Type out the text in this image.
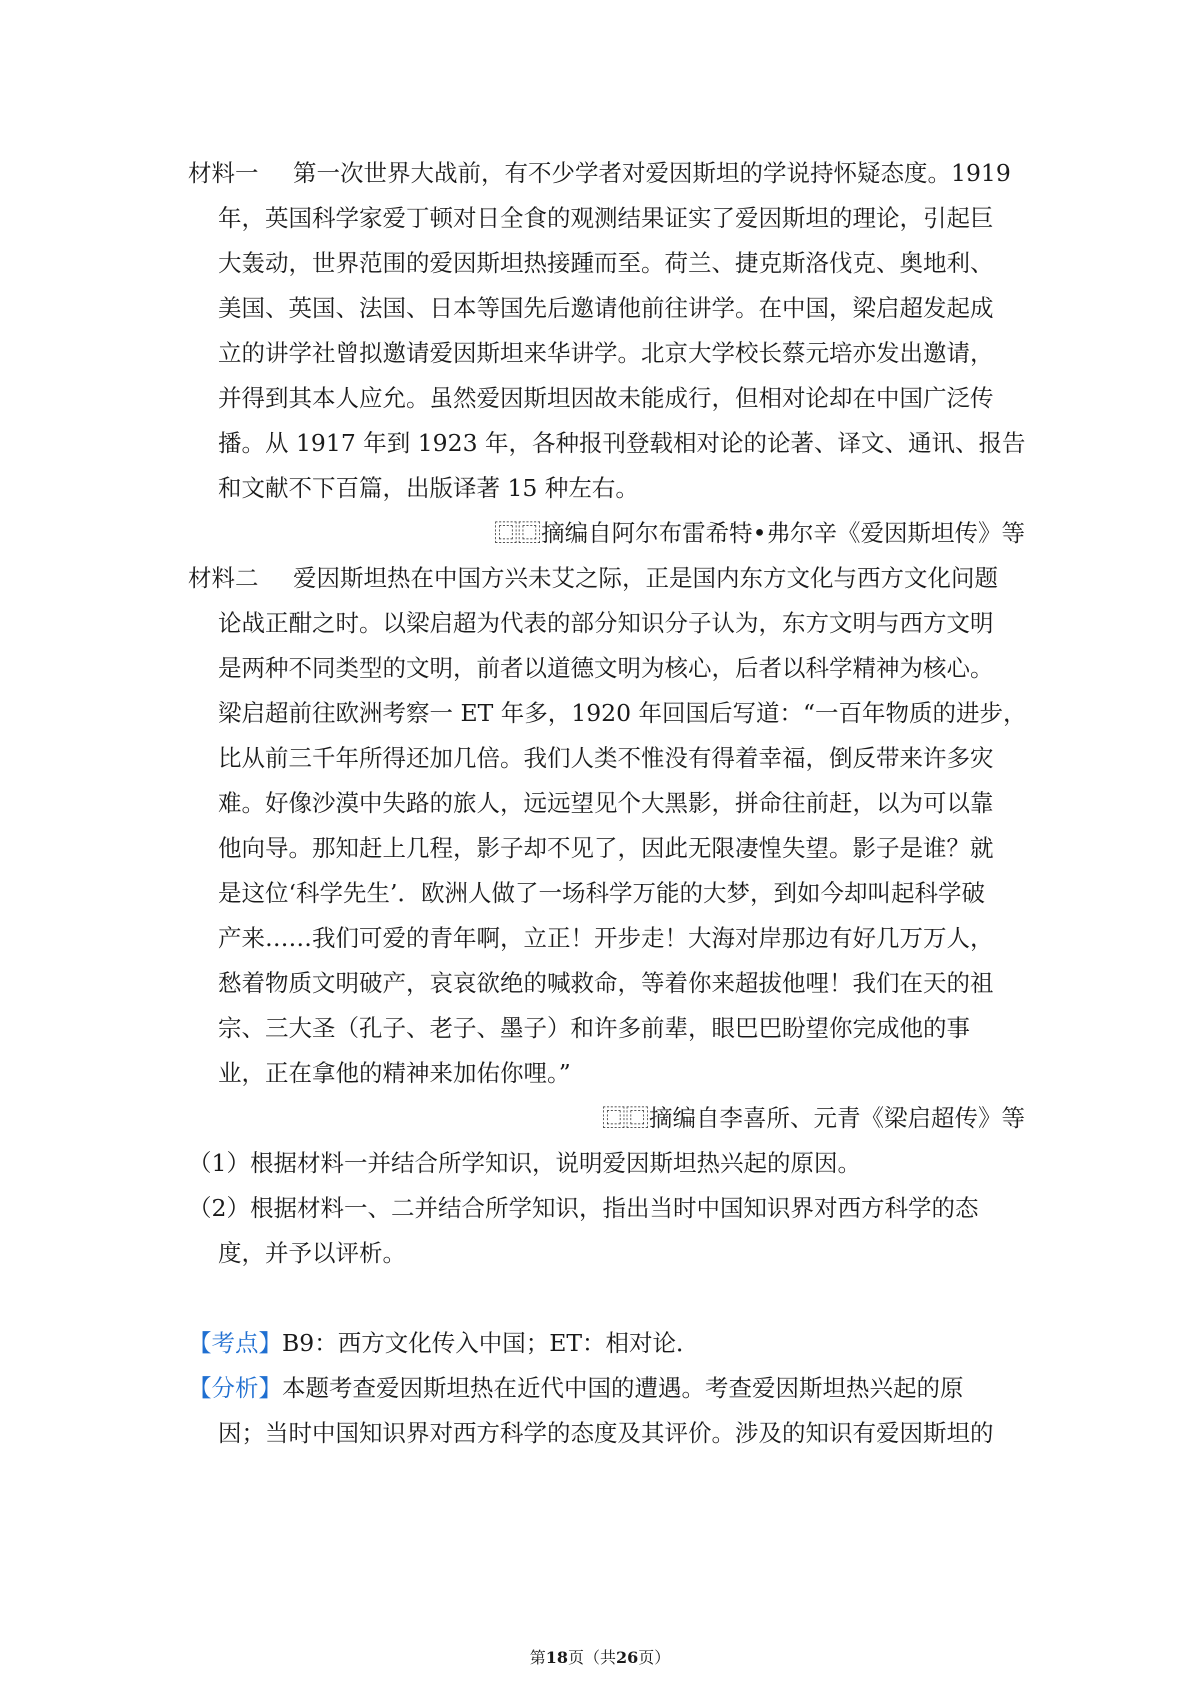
材料一 第一次世界大战前，有不少学者对爱因斯坦的学说持怀疑态度。1919
年，英国科学家爱丁顿对日全食的观测结果证实了爱因斯坦的理论，引起巨
大轰动，世界范围的爱因斯坦热接踵而至。荷兰、捷克斯洛伐克、奥地利、
美国、英国、法国、日本等国先后邀请他前往讲学。在中国，梁启超发起成
立的讲学社曾拟邀请爱因斯坦来华讲学。北京大学校长蔡元培亦发出邀请，
并得到其本人应允。虽然爱因斯坦因故未能成行，但相对论却在中国广泛传
播。从 1917 年到 1923 年，各种报刊登载相对论的论著、译文、通讯、报告
和文献不下百篇，出版译著 15 种左右。
⿴⿴摘编自阿尔布雷希特•弗尔辛《爱因斯坦传》等
材料二 爱因斯坦热在中国方兴未艾之际，正是国内东方文化与西方文化问题
论战正酣之时。以梁启超为代表的部分知识分子认为，东方文明与西方文明
是两种不同类型的文明，前者以道德文明为核心，后者以科学精神为核心。
梁启超前往欧洲考察一 ET 年多，1920 年回国后写道：“一百年物质的进步，
比从前三千年所得还加几倍。我们人类不惟没有得着幸福，倒反带来许多灾
难。好像沙漠中失路的旅人，远远望见个大黑影，拼命往前赶，以为可以靠
他向导。那知赶上几程，影子却不见了，因此无限凄惶失望。影子是谁？就
是这位‘科学先生’．欧洲人做了一场科学万能的大梦，到如今却叫起科学破
产来……我们可爱的青年啊，立正！开步走！大海对岸那边有好几万万人，
愁着物质文明破产，哀哀欲绝的喊救命，等着你来超拔他哩！我们在天的祖
宗、三大圣（孔子、老子、墨子）和许多前辈，眼巴巴盼望你完成他的事
业，正在拿他的精神来加佑你哩。”
⿴⿴摘编自李喜所、元青《梁启超传》等
（1）根据材料一并结合所学知识，说明爱因斯坦热兴起的原因。
（2）根据材料一、二并结合所学知识，指出当时中国知识界对西方科学的态
度，并予以评析。
【考点】B9：西方文化传入中国；ET：相对论．
【分析】本题考查爱因斯坦热在近代中国的遭遇。考查爱因斯坦热兴起的原
因；当时中国知识界对西方科学的态度及其评价。涉及的知识有爱因斯坦的
第18页（共26页）
